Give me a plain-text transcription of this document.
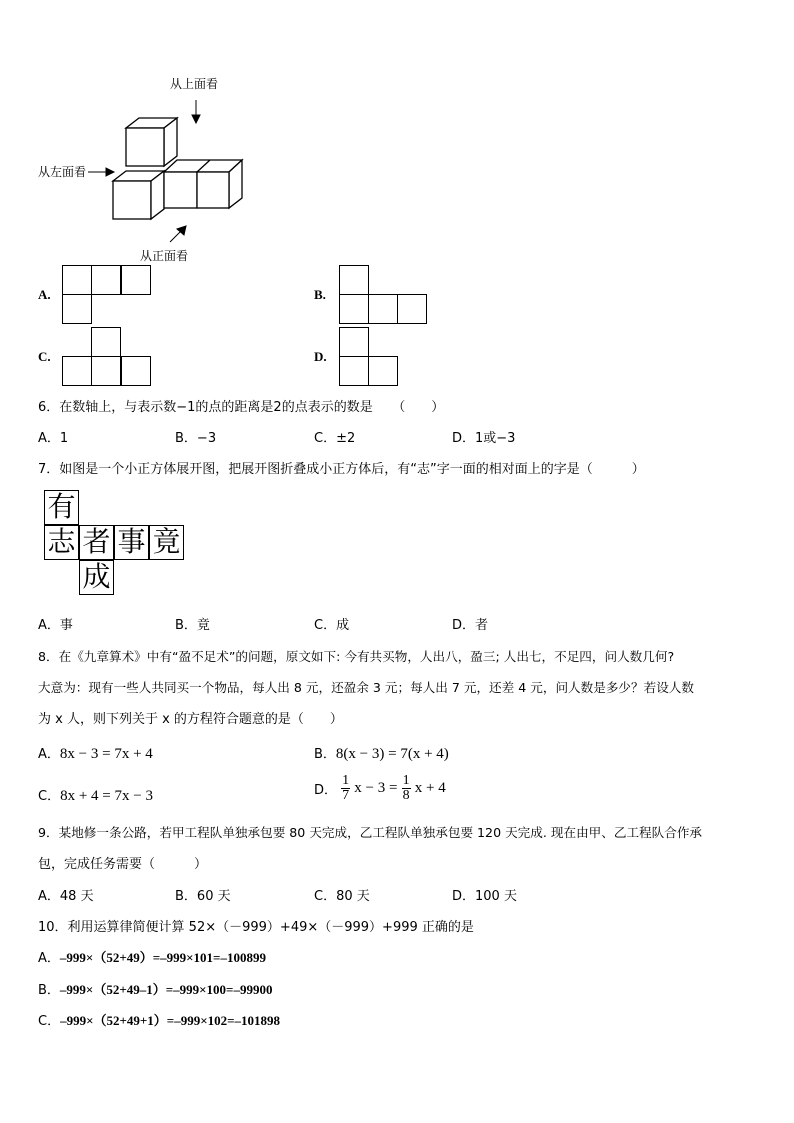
从上面看
从左面看
从正面看
A.	B.
C.	D.
6．在数轴上，与表示数−1的点的距离是2的点表示的数是　　（　　）
A．1	B．−3	C．±2	D．1或−3
7．如图是一个小正方体展开图，把展开图折叠成小正方体后，有“志”字一面的相对面上的字是（　　　）
有
志 者 事 竟
成
A．事	B．竟	C．成	D．者
8．在《九章算术》中有“盈不足术”的问题，原文如下: 今有共买物，人出八，盈三; 人出七，不足四，问人数几何?
大意为：现有一些人共同买一个物品，每人出 8 元，还盈余 3 元；每人出 7 元，还差 4 元，问人数是多少？若设人数
为 x 人，则下列关于 x 的方程符合题意的是（　　）
A．8x − 3 = 7x + 4	B．8(x − 3) = 7(x + 4)
C．8x + 4 = 7x − 3	D． $\frac{1}{7}$ $x - 3 = \frac{1}{8}$ x + 4
9．某地修一条公路，若甲工程队单独承包要 80 天完成，乙工程队单独承包要 120 天完成. 现在由甲、乙工程队合作承
包，完成任务需要（　　　）
A．48 天	B．60 天	C．80 天	D．100 天
10．利用运算律简便计算 52×（－999）+49×（－999）+999 正确的是
A．–999×（52+49）=–999×101=–100899
B．–999×（52+49–1）=–999×100=–99900
C．–999×（52+49+1）=–999×102=–101898
